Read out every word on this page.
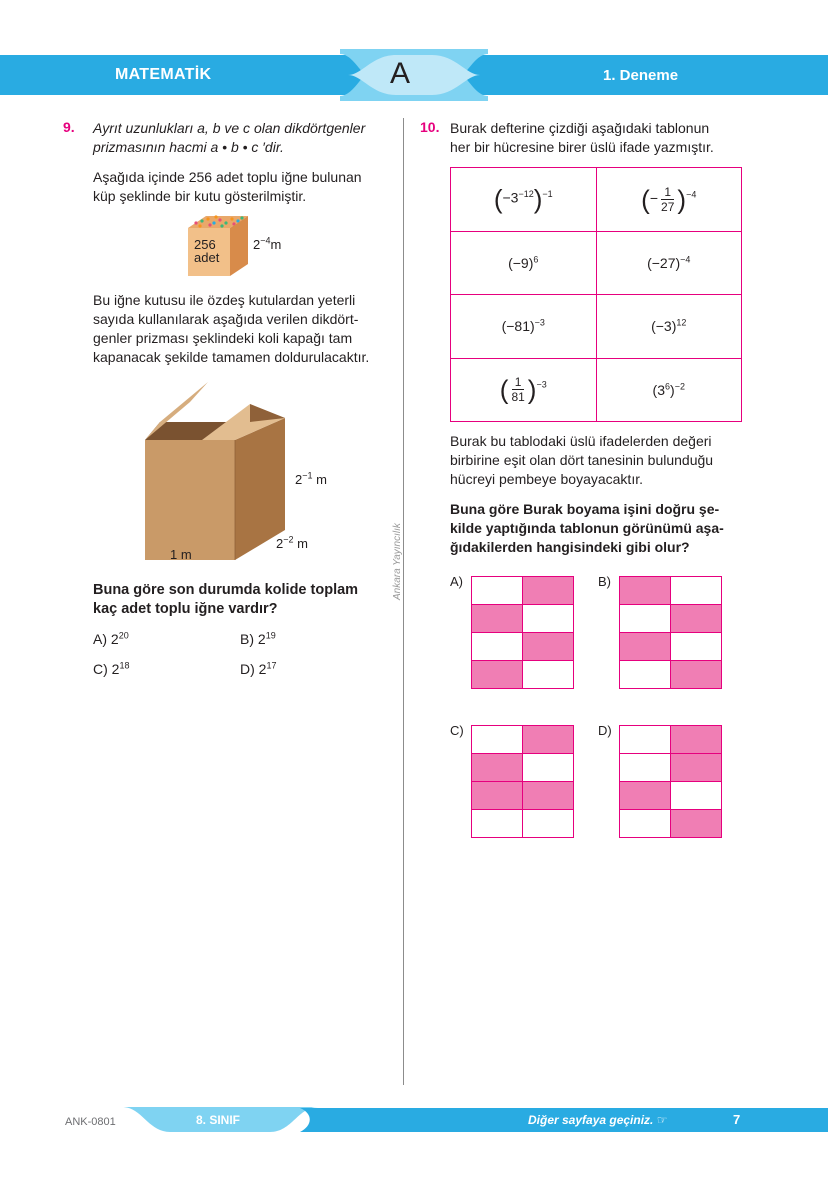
MATEMATİK	A	1. Deneme
Ankara Yayıncılık
9. Ayrıt uzunlukları a, b ve c olan dikdörtgenler
prizmasının hacmi a • b • c ′dir.
Aşağıda içinde 256 adet toplu iğne bulunan
küp şeklinde bir kutu gösterilmiştir.
256
adet
$2^{-4}m$
Bu iğne kutusu ile özdeş kutulardan yeterli
sayıda kullanılarak aşağıda verilen dikdört-
genler prizması şeklindeki koli kapağı tam
kapanacak şekilde tamamen doldurulacaktır.
$2^{-1}$ m
$2^{-2}$ m
1 m
Buna göre son durumda kolide toplam
kaç adet toplu iğne vardır?
A) $2^{20}$	B) $2^{19}$
C) $2^{18}$	D) $2^{17}$
10. Burak defterine çizdiği aşağıdaki tablonun
her bir hücresine birer üslü ifade yazmıştır.
$(-3^{-12})^{-1}$	(− $\frac{1}{27} )^{-4}$
$(-9)^6$	$(-27)^{-4}$
$(-81)^{-3}$	$(-3)^{12}$
( $\frac{1}{81} )^{-3}$	$(3^6)^{-2}$
Burak bu tablodaki üslü ifadelerden değeri
birbirine eşit olan dört tanesinin bulunduğu
hücreyi pembeye boyayacaktır.
Buna göre Burak boyama işini doğru şe-
kilde yaptığında tablonun görünümü aşa-
ğıdakilerden hangisindeki gibi olur?
A)

		B)

C)

		D)

ANK-0801	8. SINIF	Diğer sayfaya geçiniz. ☞	7
